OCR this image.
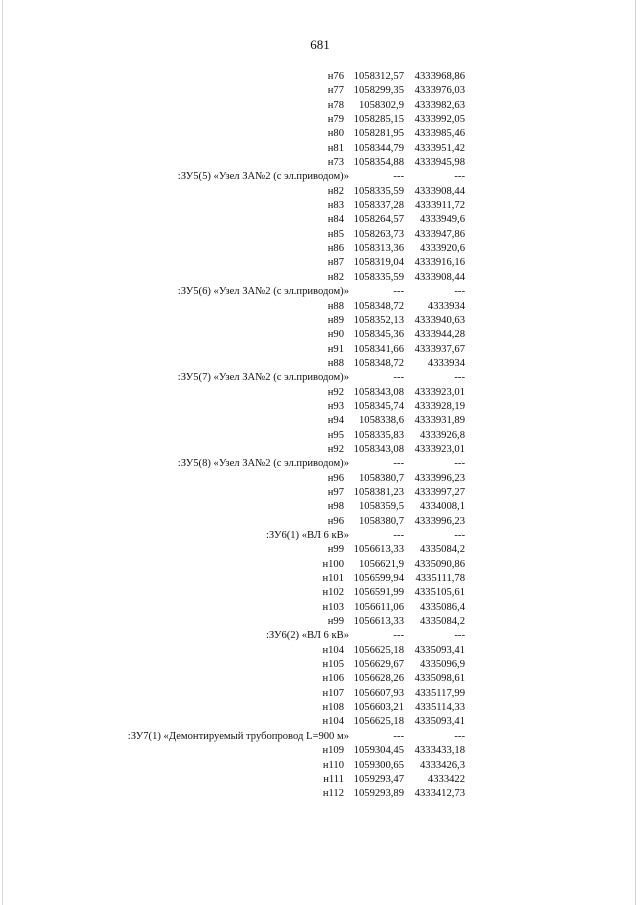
681
н76 1058312,57 4333968,86
н77 1058299,35 4333976,03
н78 1058302,9 4333982,63
н79 1058285,15 4333992,05
н80 1058281,95 4333985,46
н81 1058344,79 4333951,42
н73 1058354,88 4333945,98
:ЗУ5(5) «Узел ЗА№2 (с эл.приводом)»	---	---
н82 1058335,59 4333908,44
н83 1058337,28 4333911,72
н84 1058264,57 4333949,6
н85 1058263,73 4333947,86
н86 1058313,36 4333920,6
н87 1058319,04 4333916,16
н82 1058335,59 4333908,44
:ЗУ5(6) «Узел ЗА№2 (с эл.приводом)»	---	---
н88 1058348,72 4333934
н89 1058352,13 4333940,63
н90 1058345,36 4333944,28
н91 1058341,66 4333937,67
н88 1058348,72 4333934
:ЗУ5(7) «Узел ЗА№2 (с эл.приводом)»	---	---
н92 1058343,08 4333923,01
н93 1058345,74 4333928,19
н94 1058338,6 4333931,89
н95 1058335,83 4333926,8
н92 1058343,08 4333923,01
:ЗУ5(8) «Узел ЗА№2 (с эл.приводом)»	---	---
н96 1058380,7 4333996,23
н97 1058381,23 4333997,27
н98 1058359,5 4334008,1
н96 1058380,7 4333996,23
:ЗУ6(1) «ВЛ 6 кВ»	---	---
н99 1056613,33 4335084,2
н100 1056621,9 4335090,86
н101 1056599,94 4335111,78
н102 1056591,99 4335105,61
н103 1056611,06 4335086,4
н99 1056613,33 4335084,2
:ЗУ6(2) «ВЛ 6 кВ»	---	---
н104 1056625,18 4335093,41
н105 1056629,67 4335096,9
н106 1056628,26 4335098,61
н107 1056607,93 4335117,99
н108 1056603,21 4335114,33
н104 1056625,18 4335093,41
:ЗУ7(1) «Демонтируемый трубопровод L=900 м»	---	---
н109 1059304,45 4333433,18
н110 1059300,65 4333426,3
н111 1059293,47 4333422
н112 1059293,89 4333412,73
